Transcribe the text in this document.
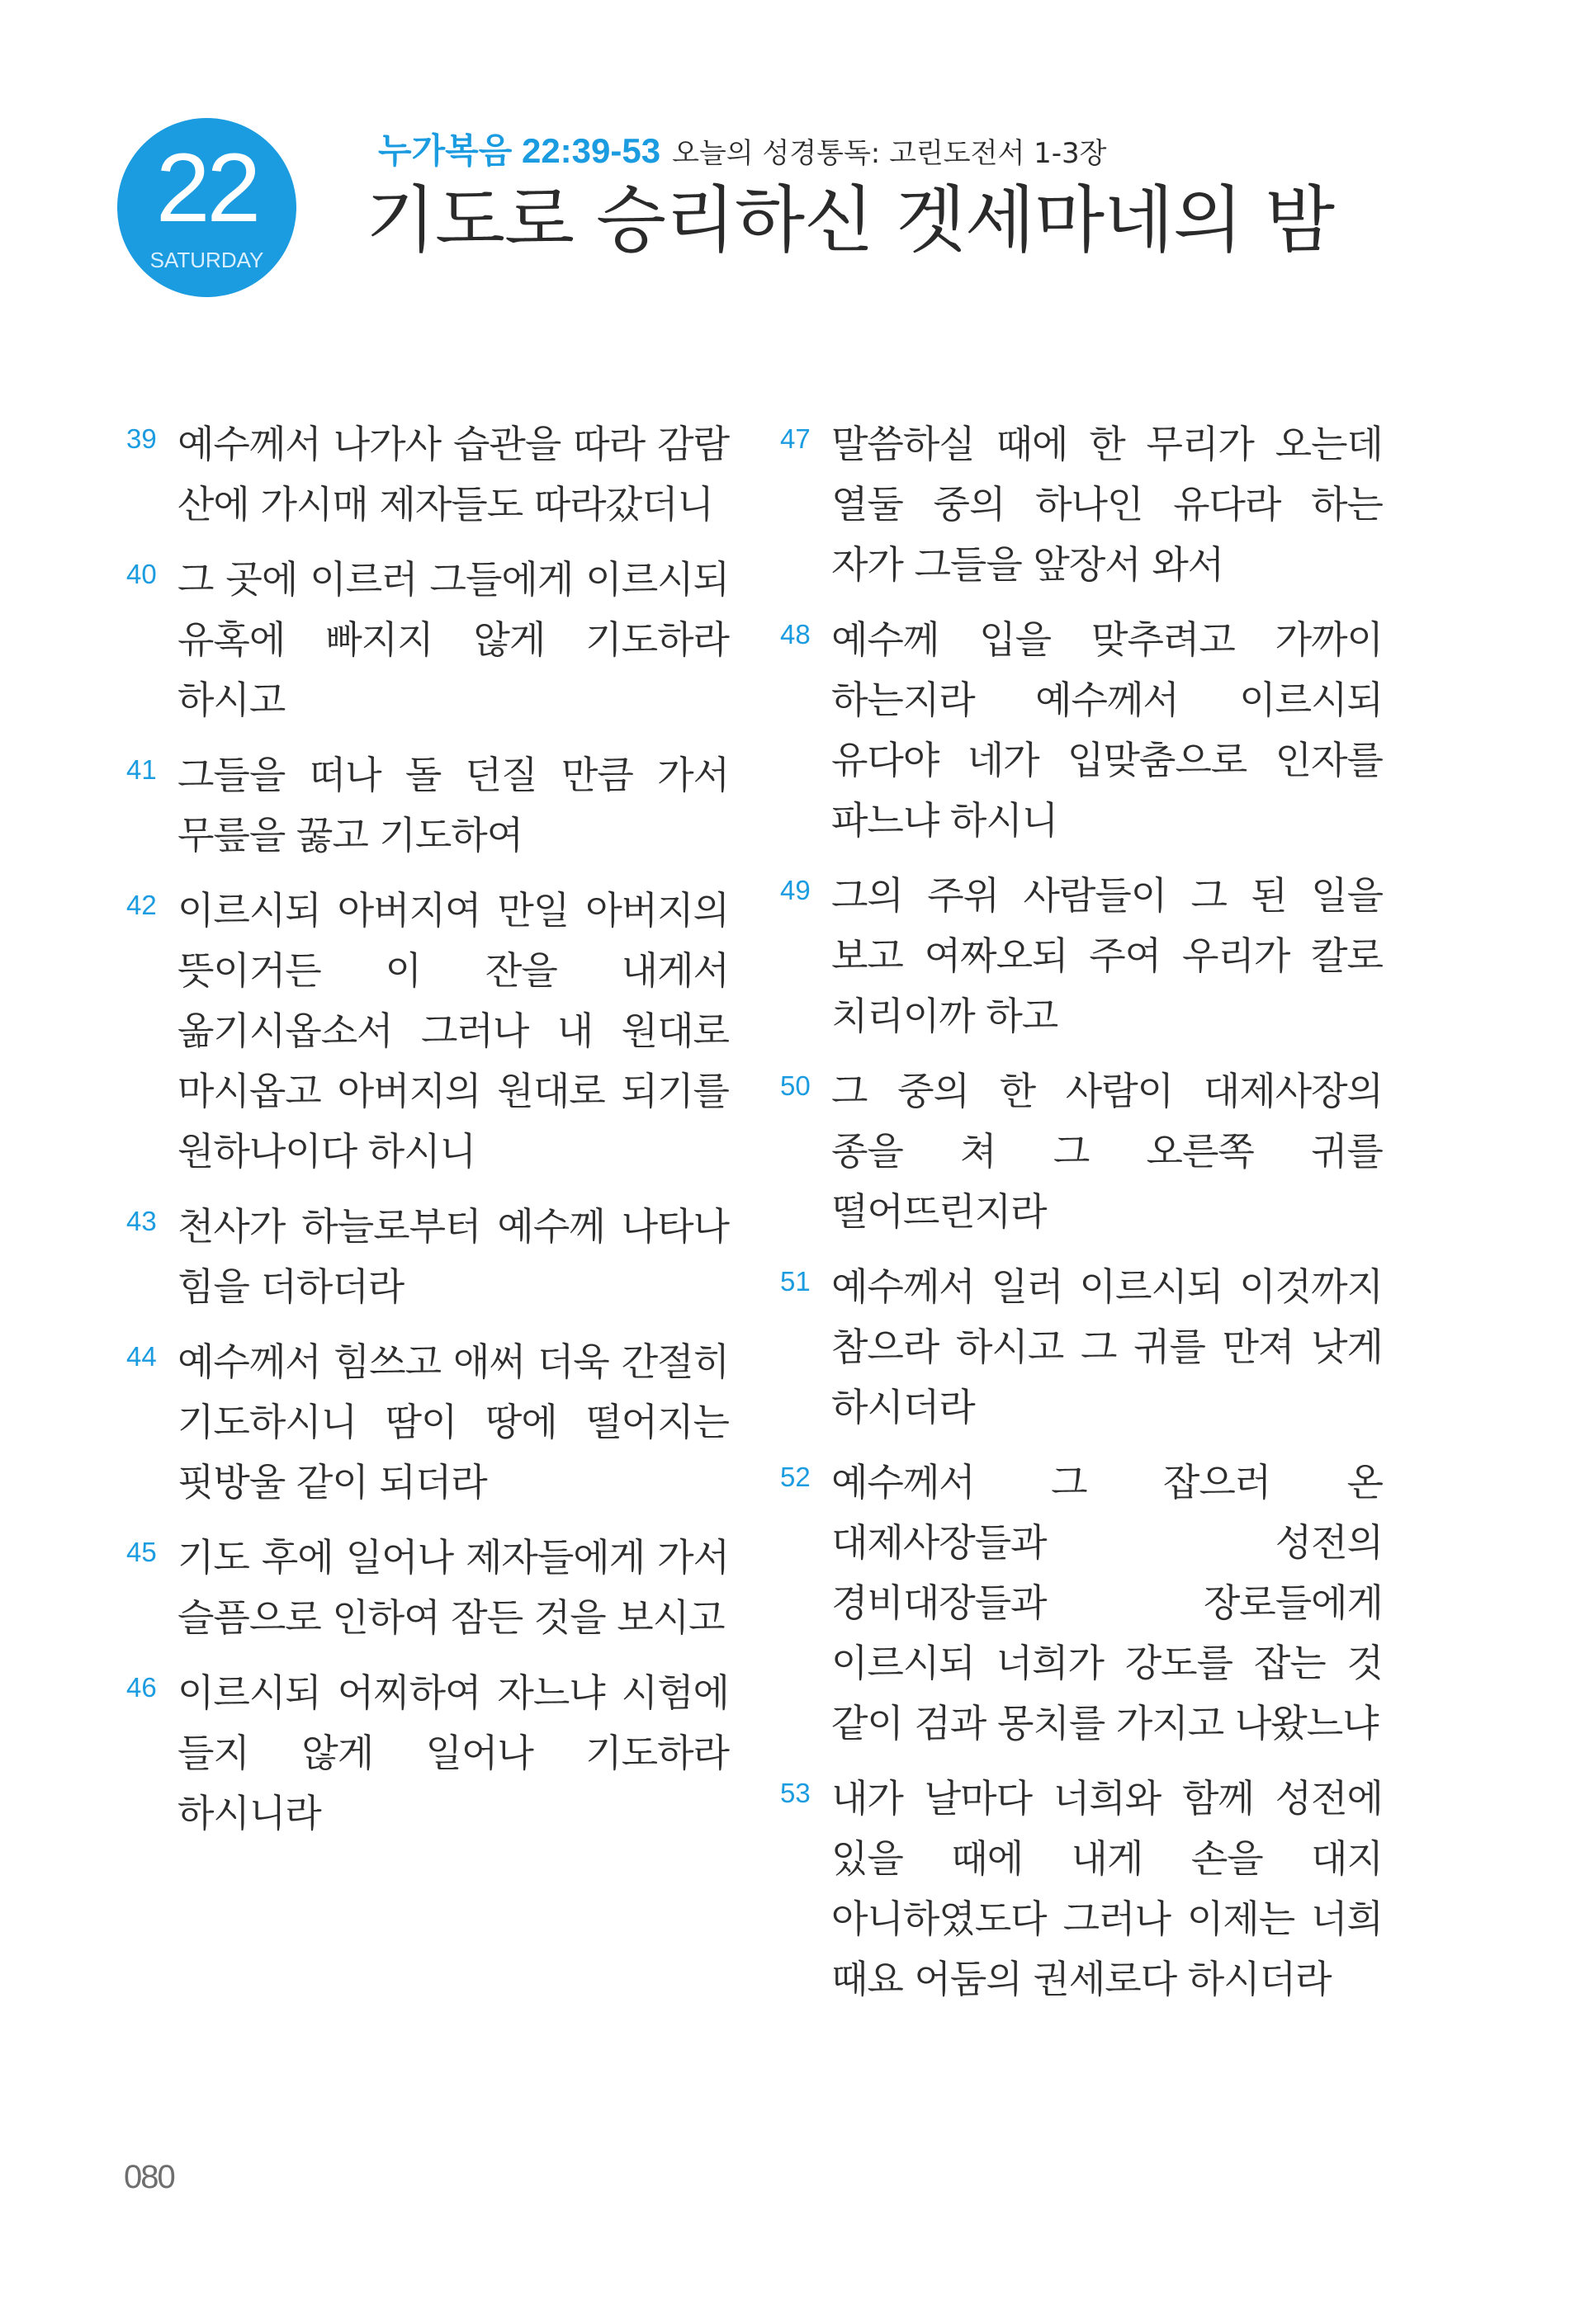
22
SATURDAY
누가복음 22:39-53 오늘의 성경통독: 고린도전서 1-3장
기도로 승리하신 겟세마네의 밤
39 예수께서 나가사 습관을 따라 감람 산에 가시매 제자들도 따라갔더니
40 그 곳에 이르러 그들에게 이르시되 유혹에 빠지지 않게 기도하라 하시고
41 그들을 떠나 돌 던질 만큼 가서 무릎을 꿇고 기도하여
42 이르시되 아버지여 만일 아버지의 뜻이거든 이 잔을 내게서 옮기시옵소서 그러나 내 원대로 마시옵고 아버지의 원대로 되기를 원하나이다 하시니
43 천사가 하늘로부터 예수께 나타나 힘을 더하더라
44 예수께서 힘쓰고 애써 더욱 간절히 기도하시니 땀이 땅에 떨어지는 핏방울 같이 되더라
45 기도 후에 일어나 제자들에게 가서 슬픔으로 인하여 잠든 것을 보시고
46 이르시되 어찌하여 자느냐 시험에 들지 않게 일어나 기도하라 하시니라
47 말씀하실 때에 한 무리가 오는데 열둘 중의 하나인 유다라 하는 자가 그들을 앞장서 와서
48 예수께 입을 맞추려고 가까이 하는지라 예수께서 이르시되 유다야 네가 입맞춤으로 인자를 파느냐 하시니
49 그의 주위 사람들이 그 된 일을 보고 여짜오되 주여 우리가 칼로 치리이까 하고
50 그 중의 한 사람이 대제사장의 종을 쳐 그 오른쪽 귀를 떨어뜨린지라
51 예수께서 일러 이르시되 이것까지 참으라 하시고 그 귀를 만져 낫게 하시더라
52 예수께서 그 잡으러 온 대제사장들과 성전의 경비대장들과 장로들에게 이르시되 너희가 강도를 잡는 것 같이 검과 몽치를 가지고 나왔느냐
53 내가 날마다 너희와 함께 성전에 있을 때에 내게 손을 대지 아니하였도다 그러나 이제는 너희 때요 어둠의 권세로다 하시더라
080
